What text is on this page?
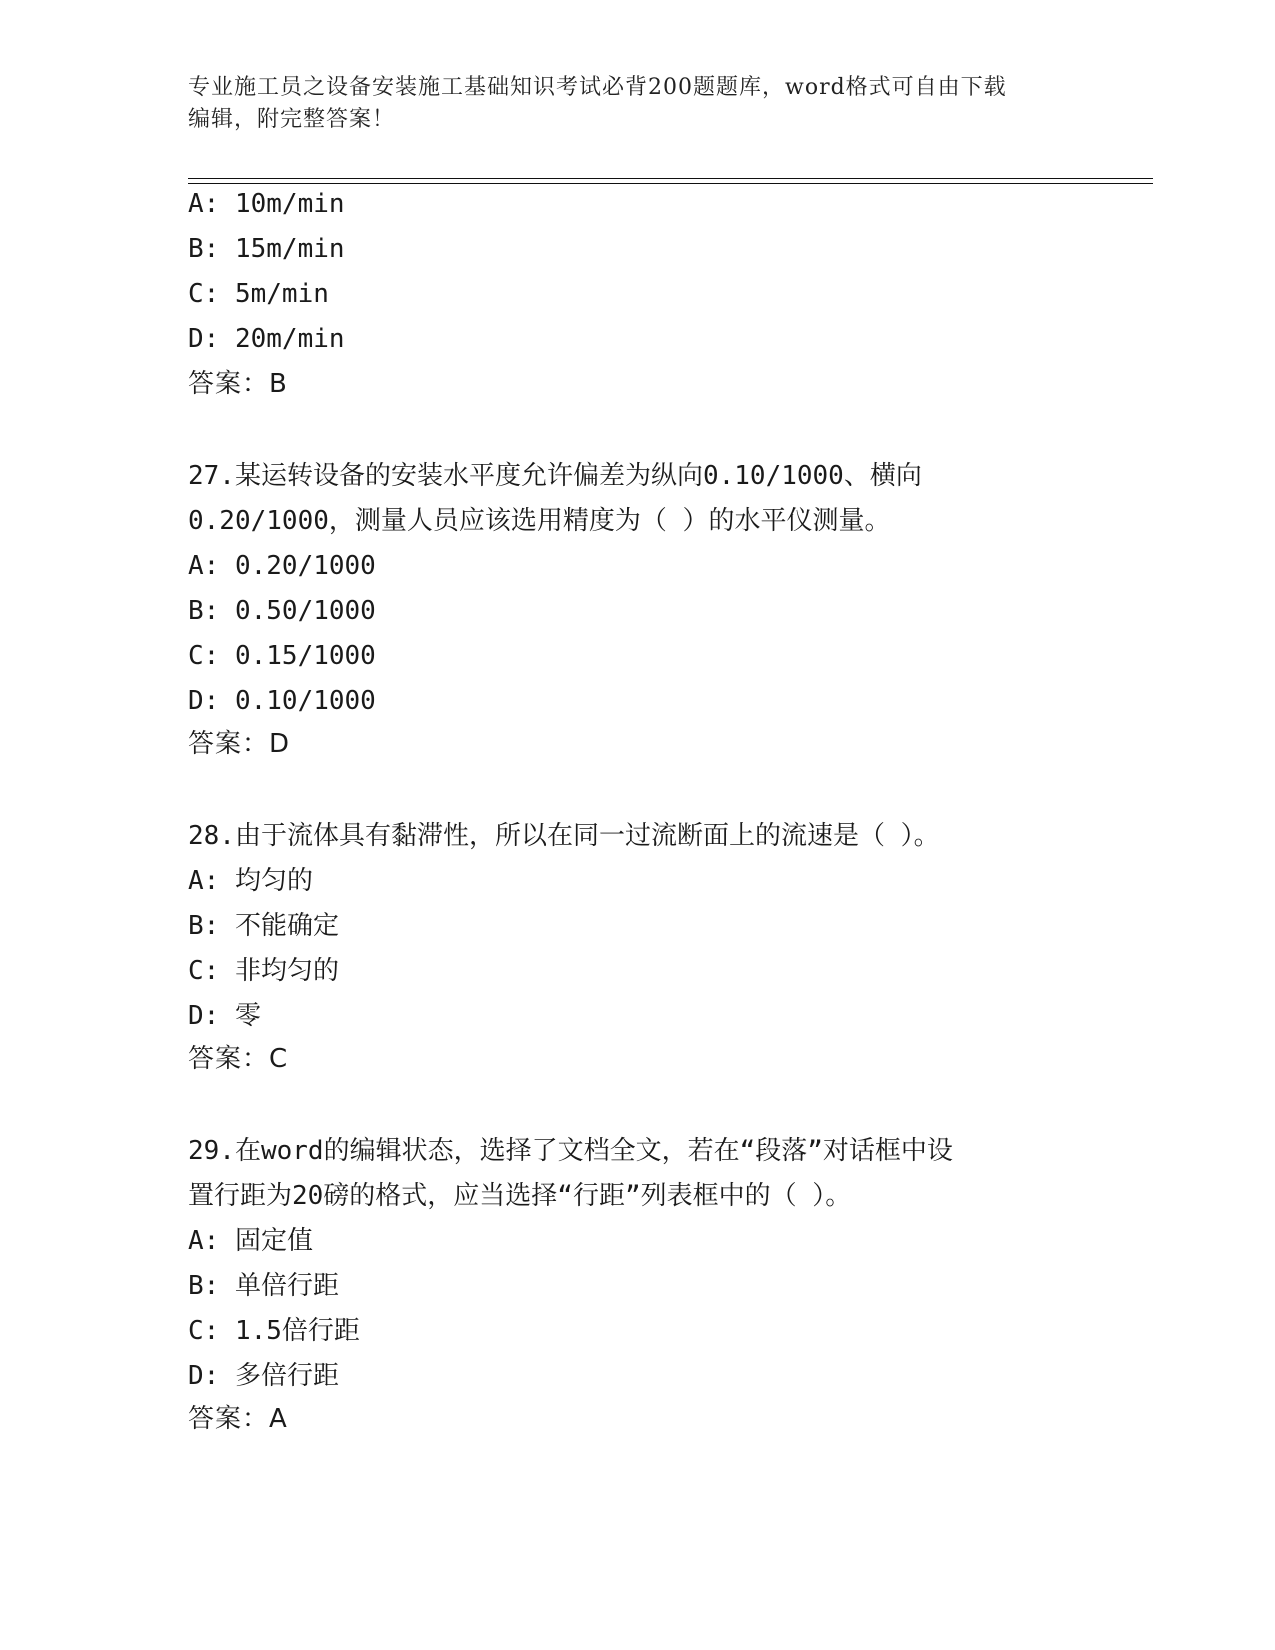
专业施工员之设备安装施工基础知识考试必背200题题库，word格式可自由下载
编辑，附完整答案！
A: 10m/min
B: 15m/min
C: 5m/min
D: 20m/min
答案：B
27.某运转设备的安装水平度允许偏差为纵向0.10/1000、横向
0.20/1000，测量人员应该选用精度为（ ）的水平仪测量。
A: 0.20/1000
B: 0.50/1000
C: 0.15/1000
D: 0.10/1000
答案：D
28.由于流体具有黏滞性，所以在同一过流断面上的流速是（ ）。
A: 均匀的
B: 不能确定
C: 非均匀的
D: 零
答案：C
29.在word的编辑状态，选择了文档全文，若在“段落”对话框中设
置行距为20磅的格式，应当选择“行距”列表框中的（ ）。
A: 固定值
B: 单倍行距
C: 1.5倍行距
D: 多倍行距
答案：A
